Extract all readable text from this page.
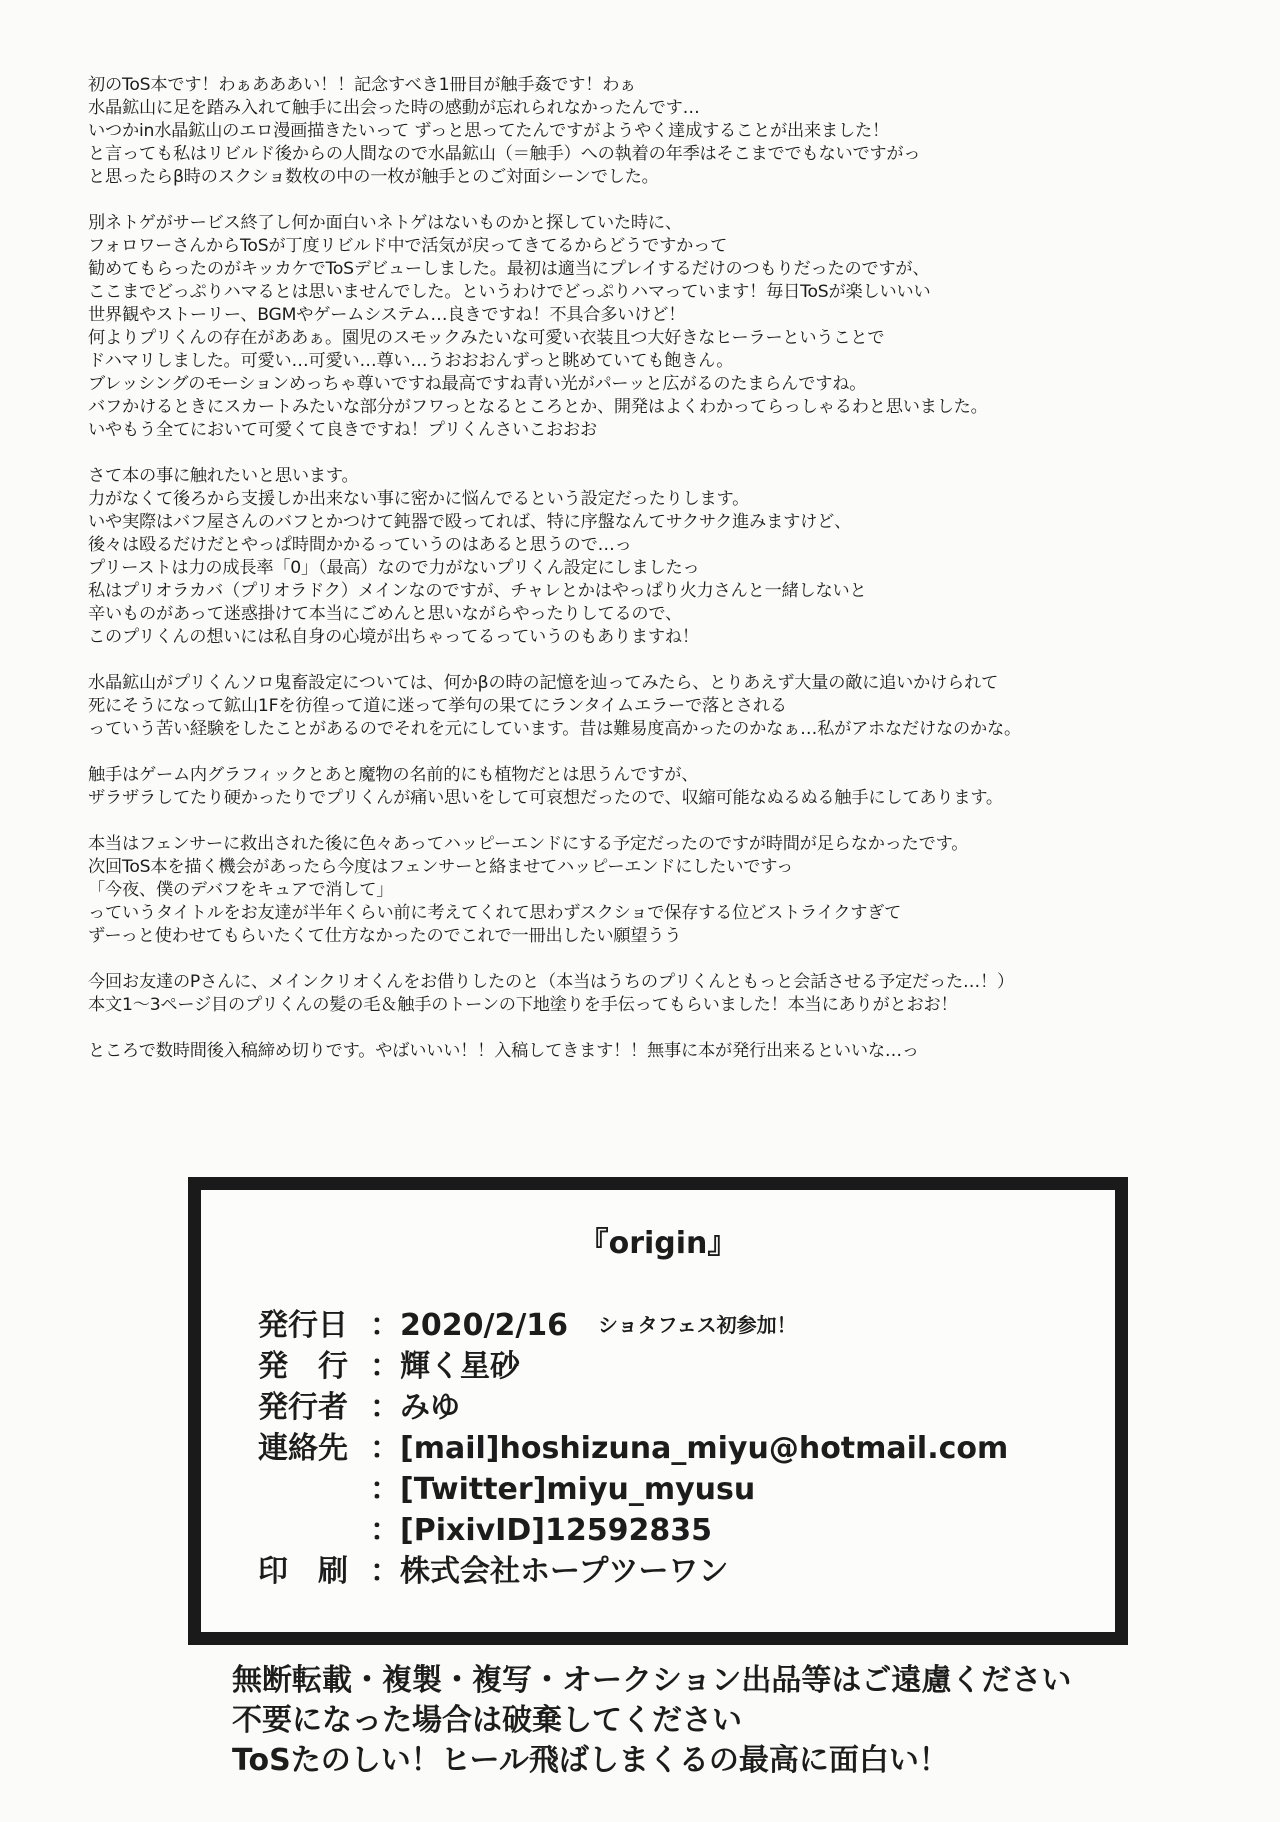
初のToS本です！わぁあああい！！記念すべき1冊目が触手姦です！わぁ
水晶鉱山に足を踏み入れて触手に出会った時の感動が忘れられなかったんです…
いつかin水晶鉱山のエロ漫画描きたいって ずっと思ってたんですがようやく達成することが出来ました！
と言っても私はリビルド後からの人間なので水晶鉱山（＝触手）への執着の年季はそこまででもないですがっ
と思ったらβ時のスクショ数枚の中の一枚が触手とのご対面シーンでした。
別ネトゲがサービス終了し何か面白いネトゲはないものかと探していた時に、
フォロワーさんからToSが丁度リビルド中で活気が戻ってきてるからどうですかって
勧めてもらったのがキッカケでToSデビューしました。最初は適当にプレイするだけのつもりだったのですが、
ここまでどっぷりハマるとは思いませんでした。というわけでどっぷりハマっています！毎日ToSが楽しいいい
世界観やストーリー、BGMやゲームシステム…良きですね！不具合多いけど！
何よりプリくんの存在がああぁ。園児のスモックみたいな可愛い衣装且つ大好きなヒーラーということで
ドハマリしました。可愛い…可愛い…尊い…うおおおんずっと眺めていても飽きん。
ブレッシングのモーションめっちゃ尊いですね最高ですね青い光がパーッと広がるのたまらんですね。
バフかけるときにスカートみたいな部分がフワっとなるところとか、開発はよくわかってらっしゃるわと思いました。
いやもう全てにおいて可愛くて良きですね！プリくんさいこおおお
さて本の事に触れたいと思います。
力がなくて後ろから支援しか出来ない事に密かに悩んでるという設定だったりします。
いや実際はバフ屋さんのバフとかつけて鈍器で殴ってれば、特に序盤なんてサクサク進みますけど、
後々は殴るだけだとやっぱ時間かかるっていうのはあると思うので…っ
プリーストは力の成長率「0」（最高）なので力がないプリくん設定にしましたっ
私はプリオラカバ（プリオラドク）メインなのですが、チャレとかはやっぱり火力さんと一緒しないと
辛いものがあって迷惑掛けて本当にごめんと思いながらやったりしてるので、
このプリくんの想いには私自身の心境が出ちゃってるっていうのもありますね！
水晶鉱山がプリくんソロ鬼畜設定については、何かβの時の記憶を辿ってみたら、とりあえず大量の敵に追いかけられて
死にそうになって鉱山1Fを彷徨って道に迷って挙句の果てにランタイムエラーで落とされる
っていう苦い経験をしたことがあるのでそれを元にしています。昔は難易度高かったのかなぁ…私がアホなだけなのかな。
触手はゲーム内グラフィックとあと魔物の名前的にも植物だとは思うんですが、
ザラザラしてたり硬かったりでプリくんが痛い思いをして可哀想だったので、収縮可能なぬるぬる触手にしてあります。
本当はフェンサーに救出された後に色々あってハッピーエンドにする予定だったのですが時間が足らなかったです。
次回ToS本を描く機会があったら今度はフェンサーと絡ませてハッピーエンドにしたいですっ
「今夜、僕のデバフをキュアで消して」
っていうタイトルをお友達が半年くらい前に考えてくれて思わずスクショで保存する位どストライクすぎて
ずーっと使わせてもらいたくて仕方なかったのでこれで一冊出したい願望うう
今回お友達のPさんに、メインクリオくんをお借りしたのと（本当はうちのプリくんともっと会話させる予定だった…！）
本文1～3ページ目のプリくんの髪の毛＆触手のトーンの下地塗りを手伝ってもらいました！本当にありがとおお！
ところで数時間後入稿締め切りです。やばいいい！！入稿してきます！！無事に本が発行出来るといいな…っ
『origin』
発行日 ：2020/2/16 ショタフェス初参加！
発　行 ：輝く星砂
発行者 ：みゆ
連絡先 ：[mail]hoshizuna_miyu@hotmail.com
：[Twitter]miyu_myusu
：[PixivID]12592835
印　刷 ：株式会社ホープツーワン
無断転載・複製・複写・オークション出品等はご遠慮ください
不要になった場合は破棄してください
ToSたのしい！ヒール飛ばしまくるの最高に面白い！
